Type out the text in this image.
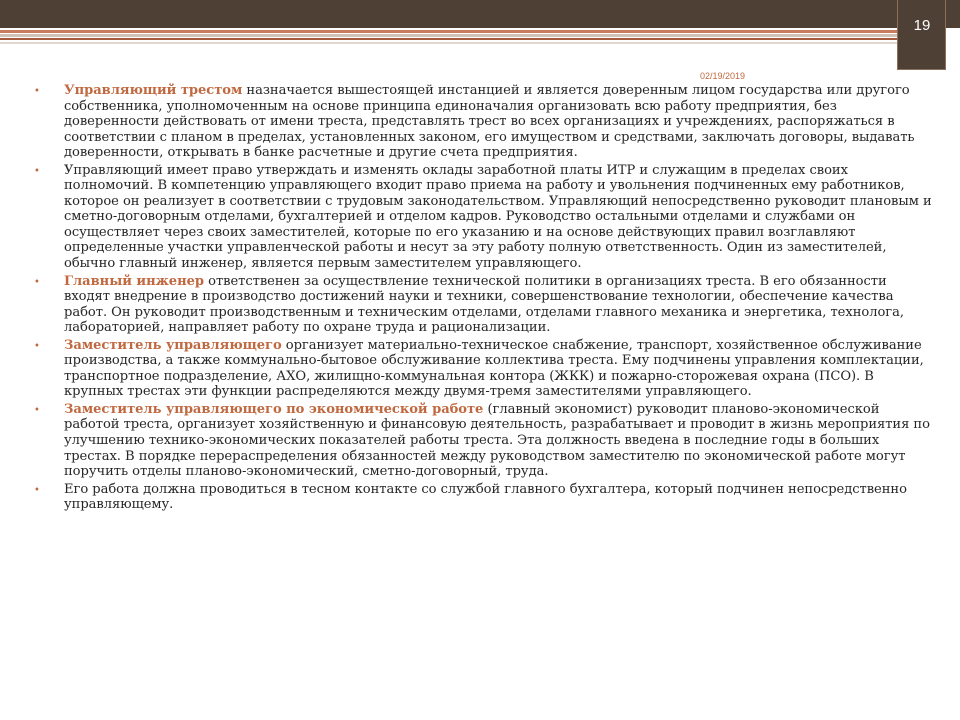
19
02/19/2019
• Управляющий трестом назначается вышестоящей инстанцией и является доверенным лицом государства или другого собственника, уполномоченным на основе принципа единоначалия организовать всю работу предприятия, без доверенности действовать от имени треста, представлять трест во всех организациях и учреждениях, распоряжаться в соответствии с планом в пределах, установленных законом, его имуществом и средствами, заключать договоры, выдавать доверенности, открывать в банке расчетные и другие счета предприятия.
• Управляющий имеет право утверждать и изменять оклады заработной платы ИТР и служащим в пределах своих полномочий. В компетенцию управляющего входит право приема на работу и увольнения подчиненных ему работников, которое он реализует в соответствии с трудовым законодательством. Управляющий непосредственно руководит плановым и сметно-договорным отделами, бухгалтерией и отделом кадров. Руководство остальными отделами и службами он осуществляет через своих заместителей, которые по его указанию и на основе действующих правил возглавляют определенные участки управленческой работы и несут за эту работу полную ответственность. Один из заместителей, обычно главный инженер, является первым заместителем управляющего.
• Главный инженер ответственен за осуществление технической политики в организациях треста. В его обязанности входят внедрение в производство достижений науки и техники, совершенствование технологии, обеспечение качества работ. Он руководит производственным и техническим отделами, отделами главного механика и энергетика, технолога, лабораторией, направляет работу по охране труда и рационализации.
• Заместитель управляющего организует материально-техническое снабжение, транспорт, хозяйственное обслуживание производства, а также коммунально-бытовое обслуживание коллектива треста. Ему подчинены управления комплектации, транспортное подразделение, АХО, жилищно-коммунальная контора (ЖКК) и пожарно-сторожевая охрана (ПСО). В крупных трестах эти функции распределяются между двумя-тремя заместителями управляющего.
• Заместитель управляющего по экономической работе (главный экономист) руководит планово-экономической работой треста, организует хозяйственную и финансовую деятельность, разрабатывает и проводит в жизнь мероприятия по улучшению технико-экономических показателей работы треста. Эта должность введена в последние годы в больших трестах. В порядке перераспределения обязанностей между руководством заместителю по экономической работе могут поручить отделы планово-экономический, сметно-договорный, труда.
• Его работа должна проводиться в тесном контакте со службой главного бухгалтера, который подчинен непосредственно управляющему.
